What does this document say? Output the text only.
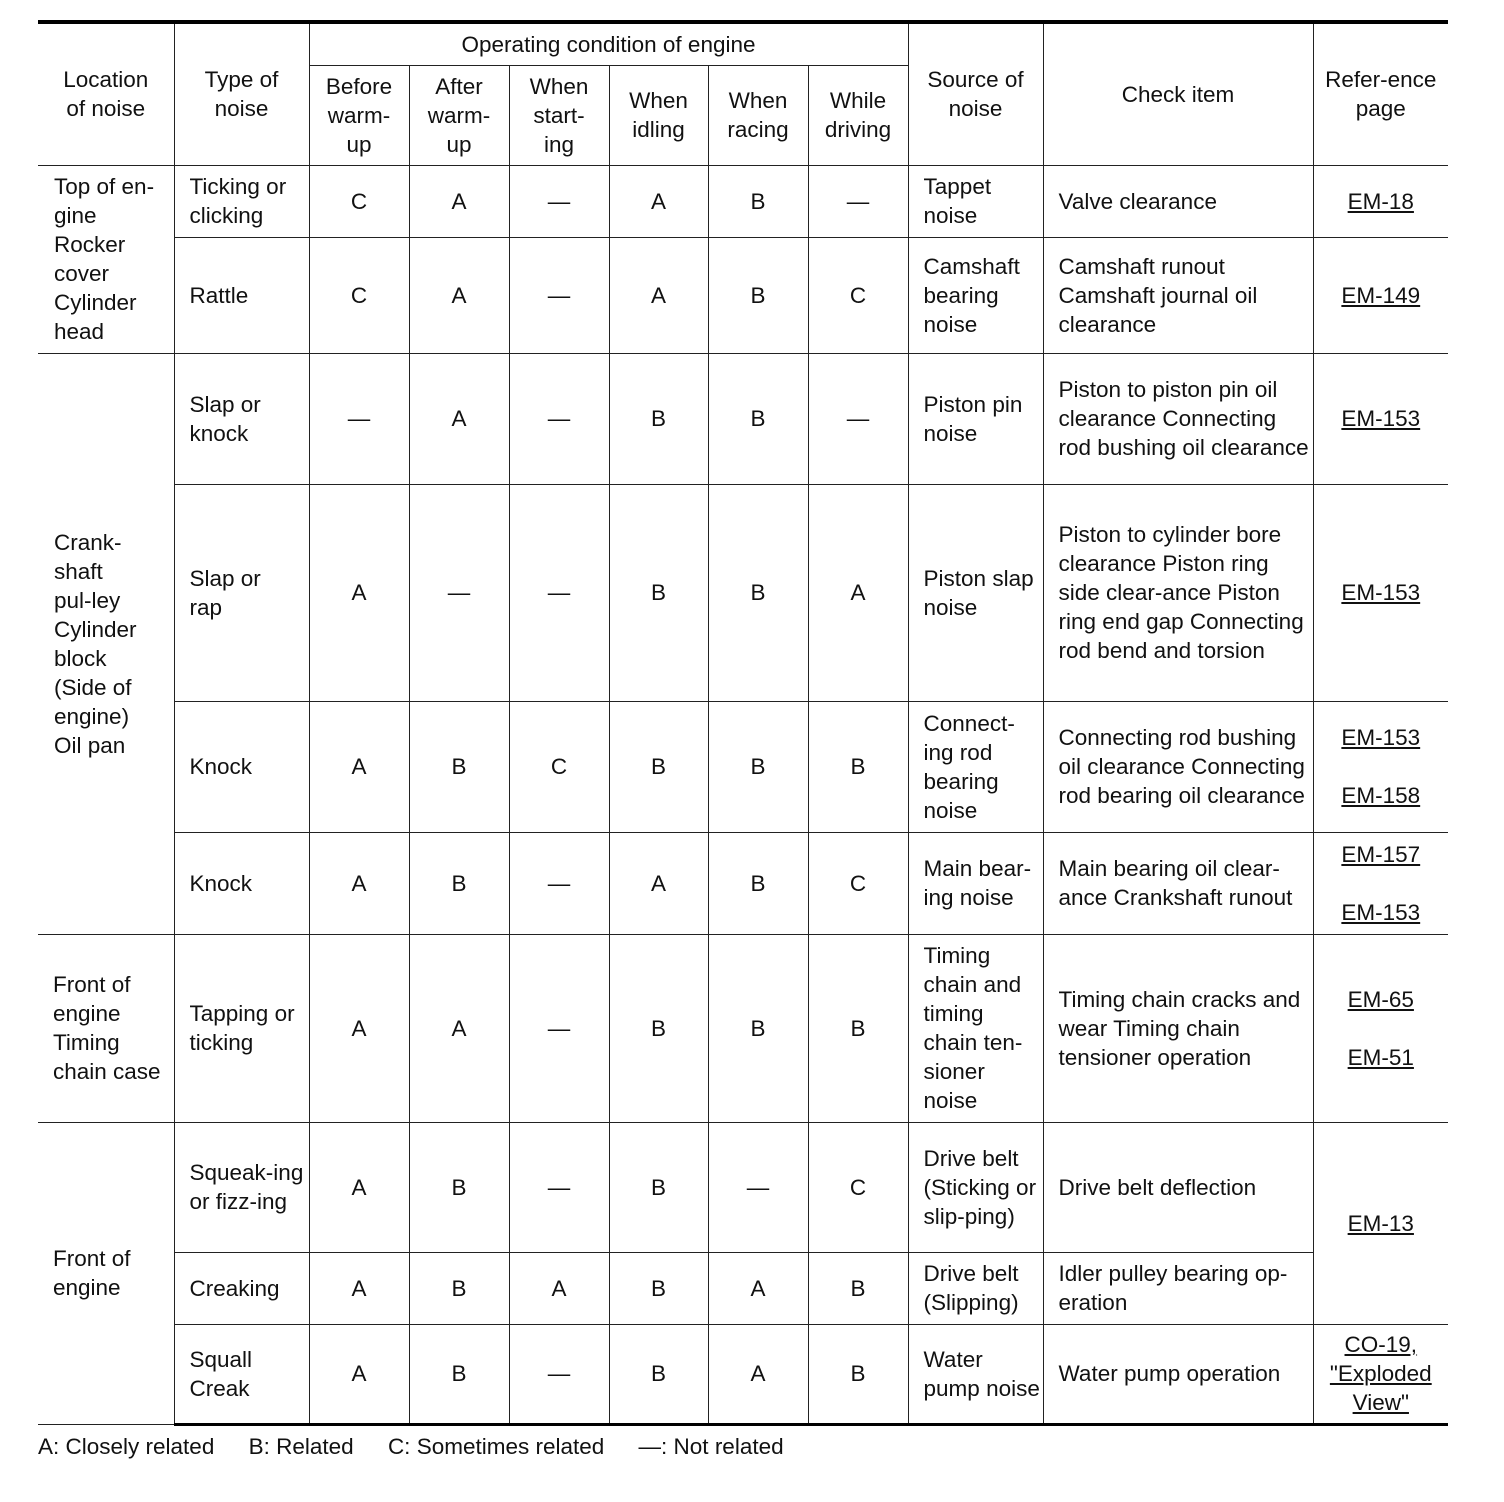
Location of noise	Type of noise	Operating condition of engine						Source of noise	Check item	Refer-ence page
		Before warm-up	After warm-up	When start-ing	When idling	When racing	While driving			
Top of en-gine Rocker cover Cylinder head	Ticking or clicking	C	A	—	A	B	—	Tappet noise	Valve clearance	EM-18

	Rattle	C	A	—	A	B	C	Camshaft bearing noise	Camshaft runout Camshaft journal oil clearance	EM-149

Crank-shaft pul-ley Cylinder block (Side of engine) Oil pan	Slap or knock	—	A	—	B	B	—	Piston pin noise	Piston to piston pin oil clearance Connecting rod bushing oil clearance	EM-153

	Slap or rap	A	—	—	B	B	A	Piston slap noise	Piston to cylinder bore clearance Piston ring side clear-ance Piston ring end gap Connecting rod bend and torsion	EM-153

	Knock	A	B	C	B	B	B	Connect-ing rod bearing noise	Connecting rod bushing oil clearance Connecting rod bearing oil clearance	EM-153
EM-158

	Knock	A	B	—	A	B	C	Main bear-ing noise	Main bearing oil clear-ance Crankshaft runout	EM-157
EM-153

Front of engine Timing chain case	Tapping or ticking	A	A	—	B	B	B	Timing chain and timing chain ten-sioner noise	Timing chain cracks and wear Timing chain tensioner operation	EM-65
EM-51

Front of engine	Squeak-ing or fizz-ing	A	B	—	B	—	C	Drive belt (Sticking or slip-ping)	Drive belt deflection	EM-13

	Creaking	A	B	A	B	A	B	Drive belt (Slipping)	Idler pulley bearing op-eration	
	Squall Creak	A	B	—	B	A	B	Water pump noise	Water pump operation	CO-19, "Exploded View"
A: Closely related B: Related C: Sometimes related —: Not related
